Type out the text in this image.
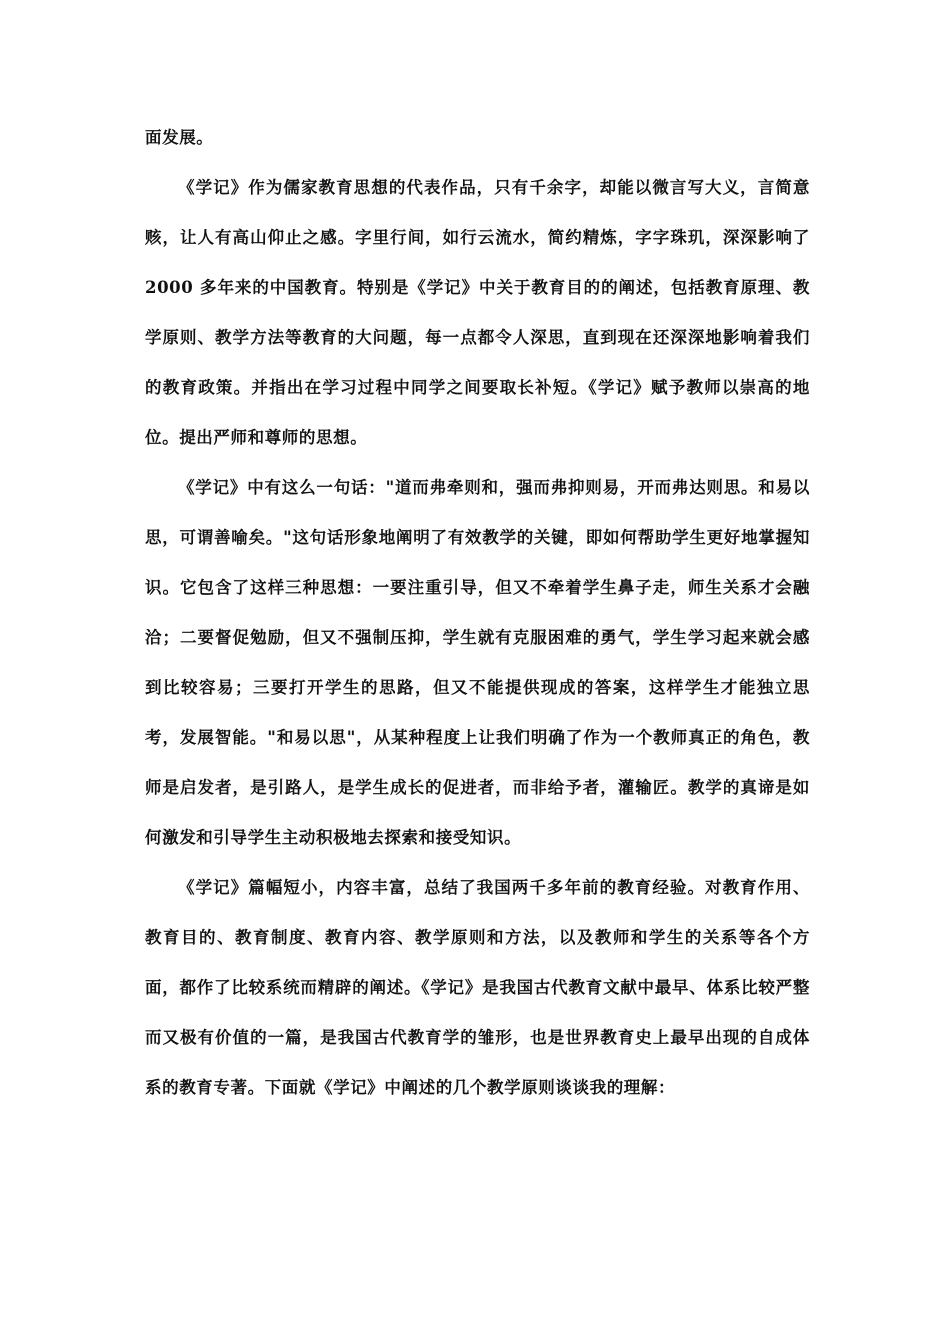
面发展。

《学记》作为儒家教育思想的代表作品，只有千余字，却能以微言写大义，言简意赅，让人有高山仰止之感。字里行间，如行云流水，简约精炼，字字珠玑，深深影响了 2000 多年来的中国教育。特别是《学记》中关于教育目的的阐述，包括教育原理、教学原则、教学方法等教育的大问题，每一点都令人深思，直到现在还深深地影响着我们的教育政策。并指出在学习过程中同学之间要取长补短。《学记》赋予教师以崇高的地位。提出严师和尊师的思想。

《学记》中有这么一句话："道而弗牵则和，强而弗抑则易，开而弗达则思。和易以思，可谓善喻矣。"这句话形象地阐明了有效教学的关键，即如何帮助学生更好地掌握知识。它包含了这样三种思想：一要注重引导，但又不牵着学生鼻子走，师生关系才会融洽；二要督促勉励，但又不强制压抑，学生就有克服困难的勇气，学生学习起来就会感到比较容易；三要打开学生的思路，但又不能提供现成的答案，这样学生才能独立思考，发展智能。"和易以思"，从某种程度上让我们明确了作为一个教师真正的角色，教师是启发者，是引路人，是学生成长的促进者，而非给予者，灌输匠。教学的真谛是如何激发和引导学生主动积极地去探索和接受知识。

《学记》篇幅短小，内容丰富，总结了我国两千多年前的教育经验。对教育作用、教育目的、教育制度、教育内容、教学原则和方法，以及教师和学生的关系等各个方面，都作了比较系统而精辟的阐述。《学记》是我国古代教育文献中最早、体系比较严整而又极有价值的一篇，是我国古代教育学的雏形，也是世界教育史上最早出现的自成体系的教育专著。下面就《学记》中阐述的几个教学原则谈谈我的理解：
